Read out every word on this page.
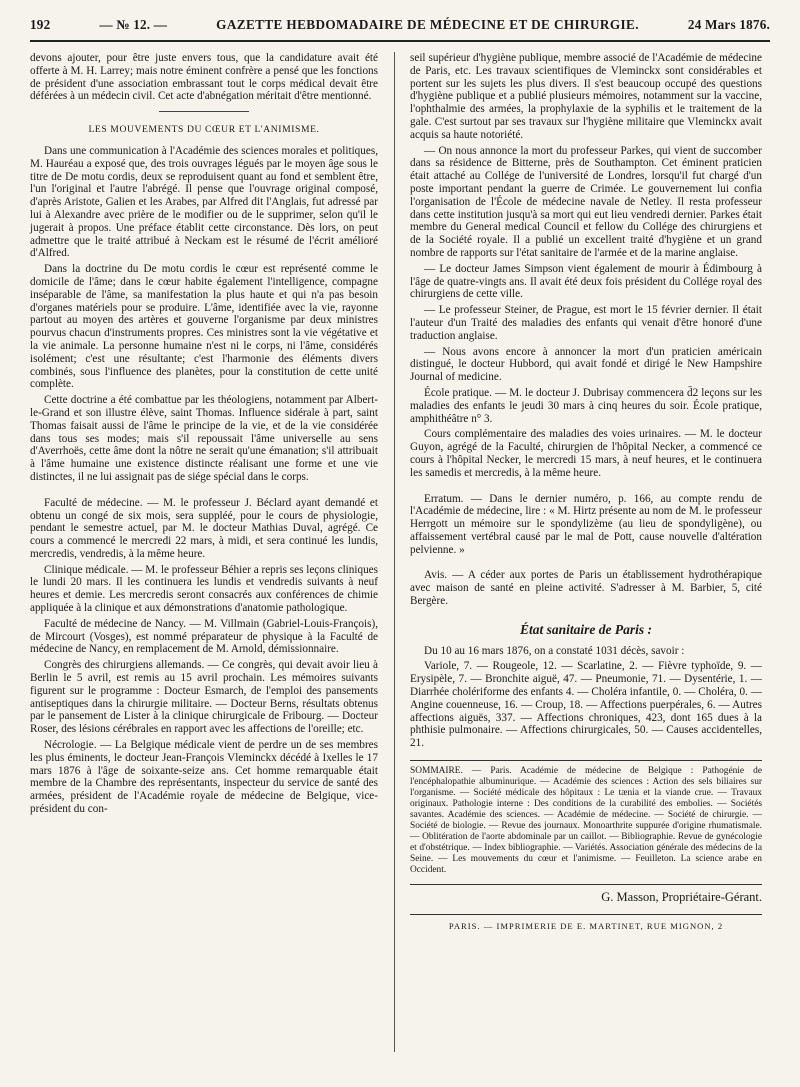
192	— № 12. —	GAZETTE HEBDOMADAIRE DE MÉDECINE ET DE CHIRURGIE.	24 Mars 1876.

devons ajouter, pour être juste envers tous, que la candidature avait été offerte à M. H. Larrey; mais notre éminent confrère a pensé que les fonctions de président d'une association embrassant tout le corps médical devait être déférées à un médecin civil. Cet acte d'abnégation méritait d'être mentionné.

LES MOUVEMENTS DU CŒUR ET L'ANIMISME.

Dans une communication à l'Académie des sciences morales et politiques, M. Hauréau a exposé que, des trois ouvrages légués par le moyen âge sous le titre de De motu cordis, deux se reproduisent quant au fond et semblent être, l'un l'original et l'autre l'abrégé. Il pense que l'ouvrage original composé, d'après Aristote, Galien et les Arabes, par Alfred dit l'Anglais, fut adressé par lui à Alexandre avec prière de le modifier ou de le supprimer, selon qu'il le jugerait à propos. Une préface établit cette circonstance. Dès lors, on peut admettre que le traité attribué à Neckam est le résumé de l'écrit amélioré d'Alfred.

Dans la doctrine du De motu cordis le cœur est représenté comme le domicile de l'âme; dans le cœur habite également l'intelligence, compagne inséparable de l'âme, sa manifestation la plus haute et qui n'a pas besoin d'organes matériels pour se produire. L'âme, identifiée avec la vie, rayonne partout au moyen des artères et gouverne l'organisme par deux ministres pourvus chacun d'instruments propres. Ces ministres sont la vie végétative et la vie animale. La personne humaine n'est ni le corps, ni l'âme, considérés isolément; c'est une résultante; c'est l'harmonie des éléments divers combinés, sous l'influence des planètes, pour la constitution de cette unité complète.

Cette doctrine a été combattue par les théologiens, notamment par Albert-le-Grand et son illustre élève, saint Thomas. Influence sidérale à part, saint Thomas faisait aussi de l'âme le principe de la vie, et de la vie considérée dans tous ses modes; mais s'il repoussait l'âme universelle au sens d'Averrhoës, cette âme dont la nôtre ne serait qu'une émanation; s'il attribuait à l'âme humaine une existence distincte réalisant une forme et une vie distinctes, il ne lui assignait pas de siége spécial dans le corps.

Faculté de médecine. — M. le professeur J. Béclard ayant demandé et obtenu un congé de six mois, sera suppléé, pour le cours de physiologie, pendant le semestre actuel, par M. le docteur Mathias Duval, agrégé. Ce cours a commencé le mercredi 22 mars, à midi, et sera continué les lundis, mercredis, vendredis, à la même heure.

Clinique médicale. — M. le professeur Béhier a repris ses leçons cliniques le lundi 20 mars. Il les continuera les lundis et vendredis suivants à neuf heures et demie. Les mercredis seront consacrés aux conférences de chimie appliquée à la clinique et aux démonstrations d'anatomie pathologique.

Faculté de médecine de Nancy. — M. Villmain (Gabriel-Louis-François), de Mircourt (Vosges), est nommé préparateur de physique à la Faculté de médecine de Nancy, en remplacement de M. Arnold, démissionnaire.

Congrès des chirurgiens allemands. — Ce congrès, qui devait avoir lieu à Berlin le 5 avril, est remis au 15 avril prochain. Les mémoires suivants figurent sur le programme : Docteur Esmarch, de l'emploi des pansements antiseptiques dans la chirurgie militaire. — Docteur Berns, résultats obtenus par le pansement de Lister à la clinique chirurgicale de Fribourg. — Docteur Roser, des lésions cérébrales en rapport avec les affections de l'oreille; etc.

Nécrologie. — La Belgique médicale vient de perdre un de ses membres les plus éminents, le docteur Jean-François Vleminckx décédé à Ixelles le 17 mars 1876 à l'âge de soixante-seize ans. Cet homme remarquable était membre de la Chambre des représentants, inspecteur du service de santé des armées, président de l'Académie royale de médecine de Belgique, vice-président du con-

seil supérieur d'hygiène publique, membre associé de l'Académie de médecine de Paris, etc. Les travaux scientifiques de Vleminckx sont considérables et portent sur les sujets les plus divers. Il s'est beaucoup occupé des questions d'hygiène publique et a publié plusieurs mémoires, notamment sur la vaccine, l'ophthalmie des armées, la prophylaxie de la syphilis et le traitement de la gale. C'est surtout par ses travaux sur l'hygiène militaire que Vleminckx avait acquis sa haute notoriété.

— On nous annonce la mort du professeur Parkes, qui vient de succomber dans sa résidence de Bitterne, près de Southampton. Cet éminent praticien était attaché au Collége de l'université de Londres, lorsqu'il fut chargé d'un poste important pendant la guerre de Crimée. Le gouvernement lui confia l'organisation de l'École de médecine navale de Netley. Il resta professeur dans cette institution jusqu'à sa mort qui eut lieu vendredi dernier. Parkes était membre du General medical Council et fellow du Collége des chirurgiens et de la Société royale. Il a publié un excellent traité d'hygiène et un grand nombre de rapports sur l'état sanitaire de l'armée et de la marine anglaise.

— Le docteur James Simpson vient également de mourir à Édimbourg à l'âge de quatre-vingts ans. Il avait été deux fois président du Collége royal des chirurgiens de cette ville.

— Le professeur Steiner, de Prague, est mort le 15 février dernier. Il était l'auteur d'un Traité des maladies des enfants qui venait d'être honoré d'une traduction anglaise.

— Nous avons encore à annoncer la mort d'un praticien américain distingué, le docteur Hubbord, qui avait fondé et dirigé le New Hampshire Journal of medicine.

École pratique. — M. le docteur J. Dubrisay commencera d̄2 leçons sur les maladies des enfants le jeudi 30 mars à cinq heures du soir. École pratique, amphithéâtre n° 3.

Cours complémentaire des maladies des voies urinaires. — M. le docteur Guyon, agrégé de la Faculté, chirurgien de l'hôpital Necker, a commencé ce cours à l'hôpital Necker, le mercredi 15 mars, à neuf heures, et le continuera les samedis et mercredis, à la même heure.

Erratum. — Dans le dernier numéro, p. 166, au compte rendu de l'Académie de médecine, lire : « M. Hirtz présente au nom de M. le professeur Herrgott un mémoire sur le spondylizème (au lieu de spondyligène), ou affaissement vertébral causé par le mal de Pott, cause nouvelle d'altération pelvienne. »

Avis. — A céder aux portes de Paris un établissement hydrothérapique avec maison de santé en pleine activité. S'adresser à M. Barbier, 5, cité Bergère.

État sanitaire de Paris :

Du 10 au 16 mars 1876, on a constaté 1031 décès, savoir :

Variole, 7. — Rougeole, 12. — Scarlatine, 2. — Fièvre typhoïde, 9. — Erysipèle, 7. — Bronchite aiguë, 47. — Pneumonie, 71. — Dysentérie, 1. — Diarrhée cholériforme des enfants 4. — Choléra infantile, 0. — Choléra, 0. — Angine couenneuse, 16. — Croup, 18. — Affections puerpérales, 6. — Autres affections aiguës, 337. — Affections chroniques, 423, dont 165 dues à la phthisie pulmonaire. — Affections chirurgicales, 50. — Causes accidentelles, 21.

SOMMAIRE. — Paris. Académie de médecine de Belgique : Pathogénie de l'encéphalopathie albuminurique. — Académie des sciences : Action des sels biliaires sur l'organisme. — Société médicale des hôpitaux : Le tænia et la viande crue. — Travaux originaux. Pathologie interne : Des conditions de la curabilité des embolies. — Sociétés savantes. Académie des sciences. — Académie de médecine. — Société de chirurgie. — Société de biologie. — Revue des journaux. Monoarthrite suppurée d'origine rhumatismale. — Oblitération de l'aorte abdominale par un caillot. — Bibliographie. Revue de gynécologie et d'obstétrique. — Index bibliographie. — Variétés. Association générale des médecins de la Seine. — Les mouvements du cœur et l'animisme. — Feuilleton. La science arabe en Occident.

G. Masson, Propriétaire-Gérant.
PARIS. — IMPRIMERIE DE E. MARTINET, RUE MIGNON, 2
